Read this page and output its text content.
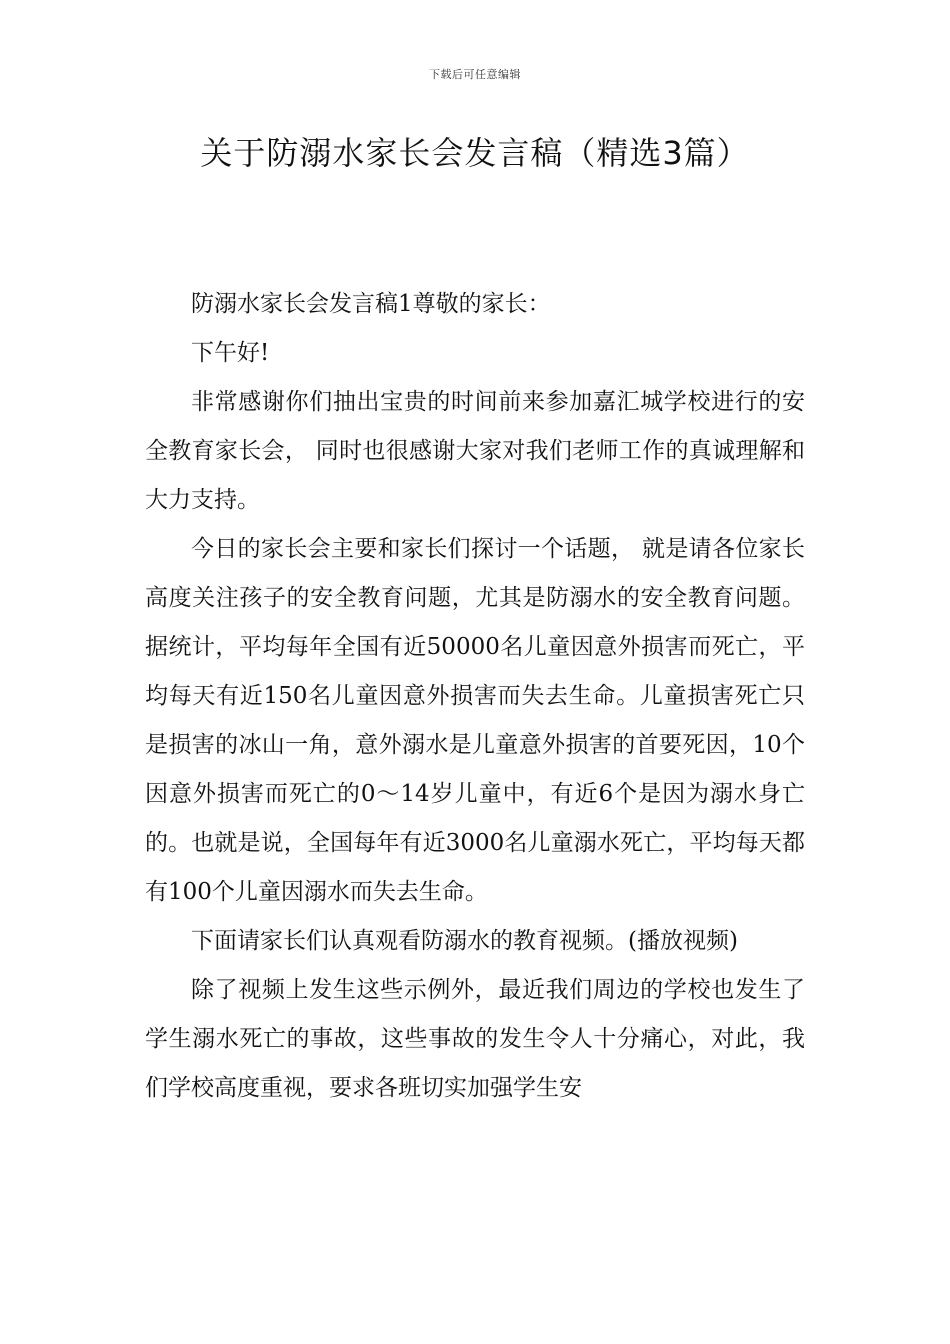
下载后可任意编辑
关于防溺水家长会发言稿（精选3篇）

防溺水家长会发言稿1尊敬的家长：

下午好!

非常感谢你们抽出宝贵的时间前来参加嘉汇城学校进行的安全教育家长会， 同时也很感谢大家对我们老师工作的真诚理解和大力支持。

今日的家长会主要和家长们探讨一个话题， 就是请各位家长高度关注孩子的安全教育问题，尤其是防溺水的安全教育问题。据统计，平均每年全国有近50000名儿童因意外损害而死亡，平均每天有近150名儿童因意外损害而失去生命。儿童损害死亡只是损害的冰山一角，意外溺水是儿童意外损害的首要死因，10个因意外损害而死亡的0～14岁儿童中，有近6个是因为溺水身亡的。也就是说，全国每年有近3000名儿童溺水死亡，平均每天都有100个儿童因溺水而失去生命。

下面请家长们认真观看防溺水的教育视频。(播放视频)

除了视频上发生这些示例外，最近我们周边的学校也发生了学生溺水死亡的事故，这些事故的发生令人十分痛心，对此，我们学校高度重视，要求各班切实加强学生安
